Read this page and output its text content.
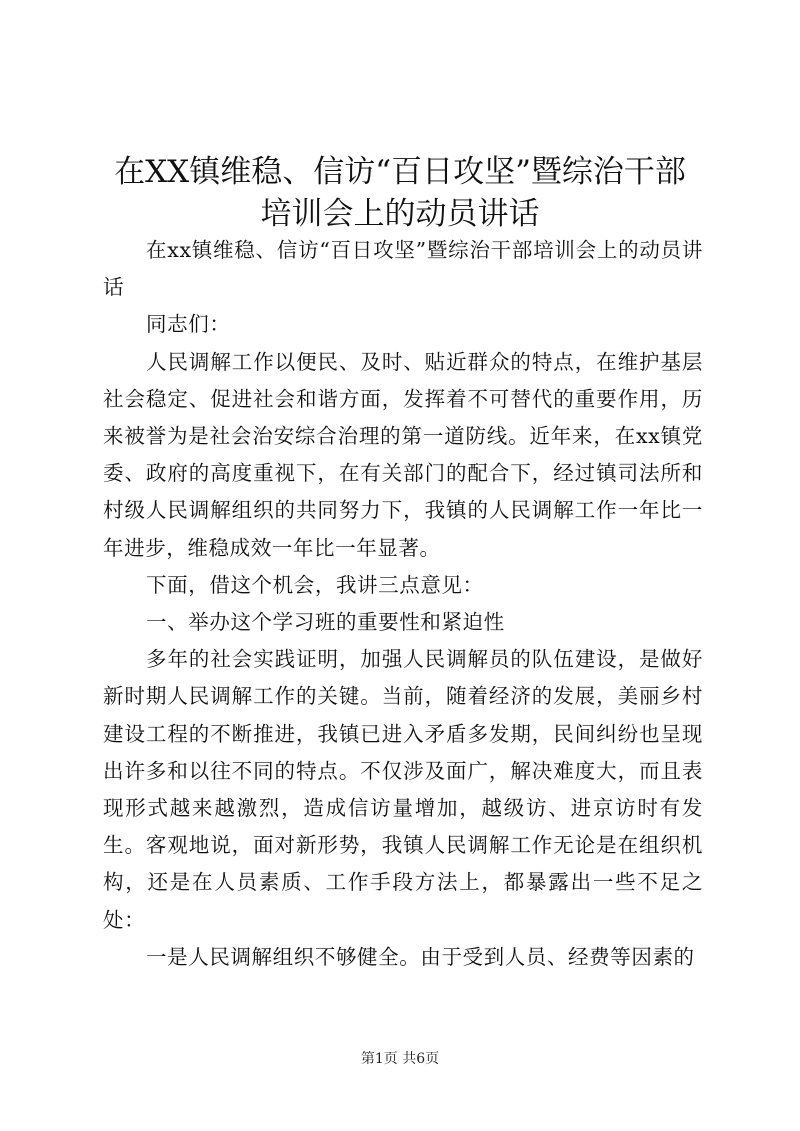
在XX镇维稳、信访“百日攻坚”暨综治干部
培训会上的动员讲话

在xx镇维稳、信访“百日攻坚”暨综治干部培训会上的动员讲话

同志们：

人民调解工作以便民、及时、贴近群众的特点，在维护基层社会稳定、促进社会和谐方面，发挥着不可替代的重要作用，历来被誉为是社会治安综合治理的第一道防线。近年来，在xx镇党委、政府的高度重视下，在有关部门的配合下，经过镇司法所和村级人民调解组织的共同努力下，我镇的人民调解工作一年比一年进步，维稳成效一年比一年显著。

下面，借这个机会，我讲三点意见：

一、举办这个学习班的重要性和紧迫性

多年的社会实践证明，加强人民调解员的队伍建设，是做好新时期人民调解工作的关键。当前，随着经济的发展，美丽乡村建设工程的不断推进，我镇已进入矛盾多发期，民间纠纷也呈现出许多和以往不同的特点。不仅涉及面广，解决难度大，而且表现形式越来越激烈，造成信访量增加，越级访、进京访时有发生。客观地说，面对新形势，我镇人民调解工作无论是在组织机构，还是在人员素质、工作手段方法上，都暴露出一些不足之处：

一是人民调解组织不够健全。由于受到人员、经费等因素的

第1页 共6页
